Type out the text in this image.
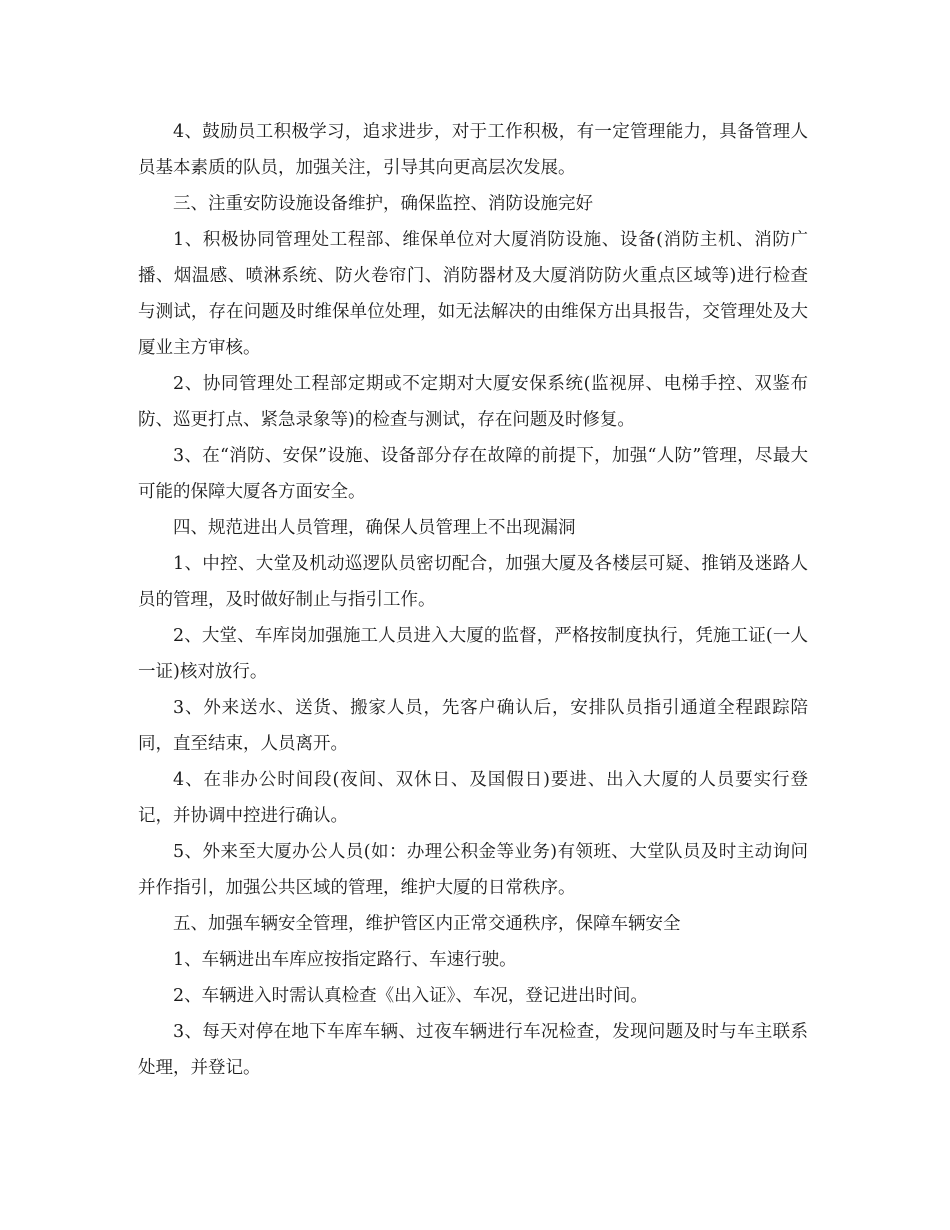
4、鼓励员工积极学习，追求进步，对于工作积极，有一定管理能力，具备管理人员基本素质的队员，加强关注，引导其向更高层次发展。

三、注重安防设施设备维护，确保监控、消防设施完好

1、积极协同管理处工程部、维保单位对大厦消防设施、设备(消防主机、消防广播、烟温感、喷淋系统、防火卷帘门、消防器材及大厦消防防火重点区域等)进行检查与测试，存在问题及时维保单位处理，如无法解决的由维保方出具报告，交管理处及大厦业主方审核。

2、协同管理处工程部定期或不定期对大厦安保系统(监视屏、电梯手控、双鉴布防、巡更打点、紧急录象等)的检查与测试，存在问题及时修复。

3、在“消防、安保”设施、设备部分存在故障的前提下，加强“人防”管理，尽最大可能的保障大厦各方面安全。

四、规范进出人员管理，确保人员管理上不出现漏洞

1、中控、大堂及机动巡逻队员密切配合，加强大厦及各楼层可疑、推销及迷路人员的管理，及时做好制止与指引工作。

2、大堂、车库岗加强施工人员进入大厦的监督，严格按制度执行，凭施工证(一人一证)核对放行。

3、外来送水、送货、搬家人员，先客户确认后，安排队员指引通道全程跟踪陪同，直至结束，人员离开。

4、在非办公时间段(夜间、双休日、及国假日)要进、出入大厦的人员要实行登记，并协调中控进行确认。

5、外来至大厦办公人员(如：办理公积金等业务)有领班、大堂队员及时主动询问并作指引，加强公共区域的管理，维护大厦的日常秩序。

五、加强车辆安全管理，维护管区内正常交通秩序，保障车辆安全

1、车辆进出车库应按指定路行、车速行驶。

2、车辆进入时需认真检查《出入证》、车况，登记进出时间。

3、每天对停在地下车库车辆、过夜车辆进行车况检查，发现问题及时与车主联系处理，并登记。
